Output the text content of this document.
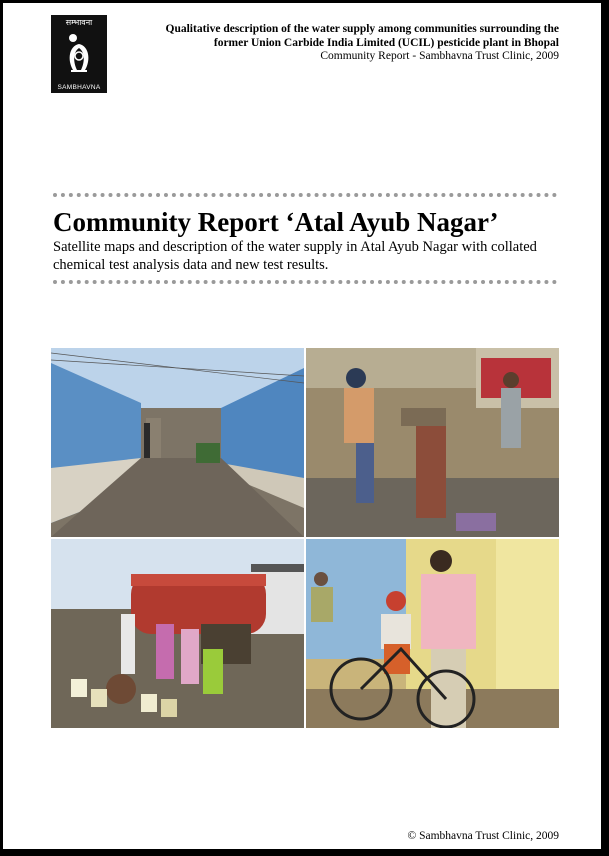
सम्भावना
SAMBHAVNA
Qualitative description of the water supply among communities surrounding the
former Union Carbide India Limited (UCIL) pesticide plant in Bhopal
Community Report - Sambhavna Trust Clinic, 2009
Community Report ‘Atal Ayub Nagar’
Satellite maps and description of the water supply in Atal Ayub Nagar with collated chemical test analysis data and new test results.
© Sambhavna Trust Clinic, 2009
